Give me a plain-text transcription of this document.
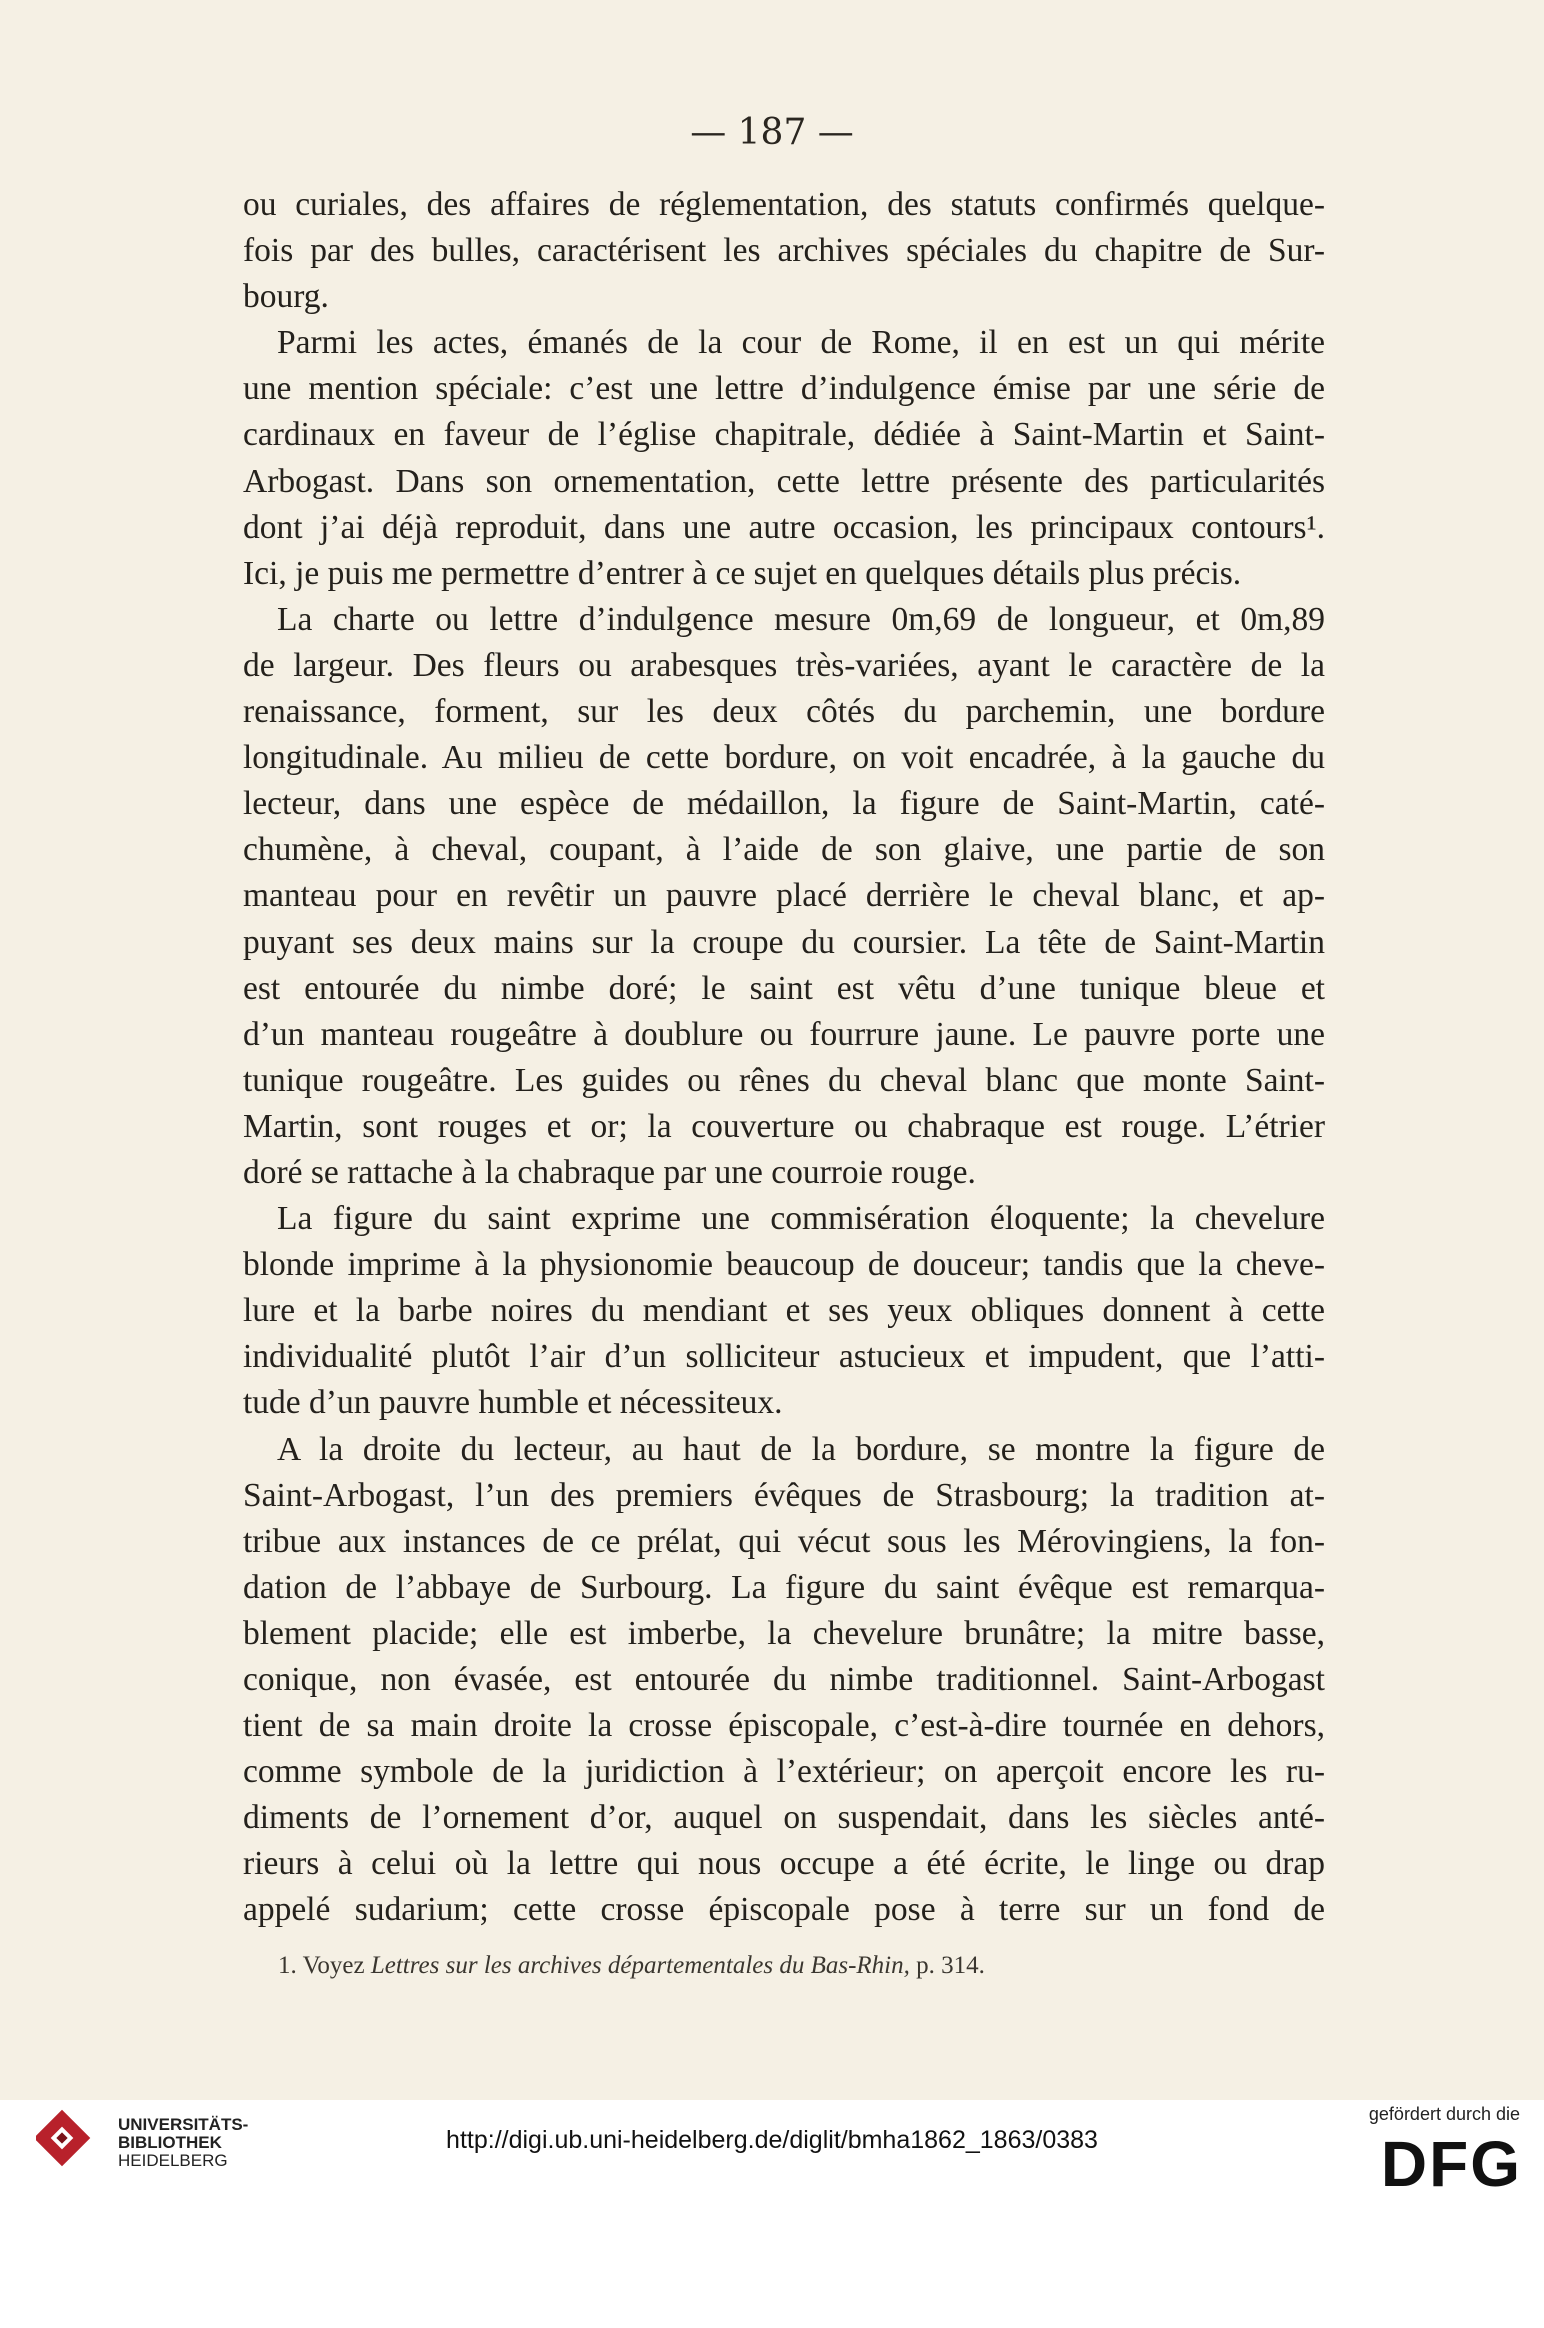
— 187 —
ou curiales, des affaires de réglementation, des statuts confirmés quelque-
fois par des bulles, caractérisent les archives spéciales du chapitre de Sur-
bourg.
Parmi les actes, émanés de la cour de Rome, il en est un qui mérite
une mention spéciale: c’est une lettre d’indulgence émise par une série de
cardinaux en faveur de l’église chapitrale, dédiée à Saint-Martin et Saint-
Arbogast. Dans son ornementation, cette lettre présente des particularités
dont j’ai déjà reproduit, dans une autre occasion, les principaux contours¹.
Ici, je puis me permettre d’entrer à ce sujet en quelques détails plus précis.
La charte ou lettre d’indulgence mesure 0m,69 de longueur, et 0m,89
de largeur. Des fleurs ou arabesques très-variées, ayant le caractère de la
renaissance, forment, sur les deux côtés du parchemin, une bordure
longitudinale. Au milieu de cette bordure, on voit encadrée, à la gauche du
lecteur, dans une espèce de médaillon, la figure de Saint-Martin, caté-
chumène, à cheval, coupant, à l’aide de son glaive, une partie de son
manteau pour en revêtir un pauvre placé derrière le cheval blanc, et ap-
puyant ses deux mains sur la croupe du coursier. La tête de Saint-Martin
est entourée du nimbe doré; le saint est vêtu d’une tunique bleue et
d’un manteau rougeâtre à doublure ou fourrure jaune. Le pauvre porte une
tunique rougeâtre. Les guides ou rênes du cheval blanc que monte Saint-
Martin, sont rouges et or; la couverture ou chabraque est rouge. L’étrier
doré se rattache à la chabraque par une courroie rouge.
La figure du saint exprime une commisération éloquente; la chevelure
blonde imprime à la physionomie beaucoup de douceur; tandis que la cheve-
lure et la barbe noires du mendiant et ses yeux obliques donnent à cette
individualité plutôt l’air d’un solliciteur astucieux et impudent, que l’atti-
tude d’un pauvre humble et nécessiteux.
A la droite du lecteur, au haut de la bordure, se montre la figure de
Saint-Arbogast, l’un des premiers évêques de Strasbourg; la tradition at-
tribue aux instances de ce prélat, qui vécut sous les Mérovingiens, la fon-
dation de l’abbaye de Surbourg. La figure du saint évêque est remarqua-
blement placide; elle est imberbe, la chevelure brunâtre; la mitre basse,
conique, non évasée, est entourée du nimbe traditionnel. Saint-Arbogast
tient de sa main droite la crosse épiscopale, c’est-à-dire tournée en dehors,
comme symbole de la juridiction à l’extérieur; on aperçoit encore les ru-
diments de l’ornement d’or, auquel on suspendait, dans les siècles anté-
rieurs à celui où la lettre qui nous occupe a été écrite, le linge ou drap
appelé sudarium; cette crosse épiscopale pose à terre sur un fond de
1. Voyez Lettres sur les archives départementales du Bas-Rhin, p. 314.
UNIVERSITÄTS-
BIBLIOTHEK
HEIDELBERG
http://digi.ub.uni-heidelberg.de/diglit/bmha1862_1863/0383
gefördert durch die
DFG
